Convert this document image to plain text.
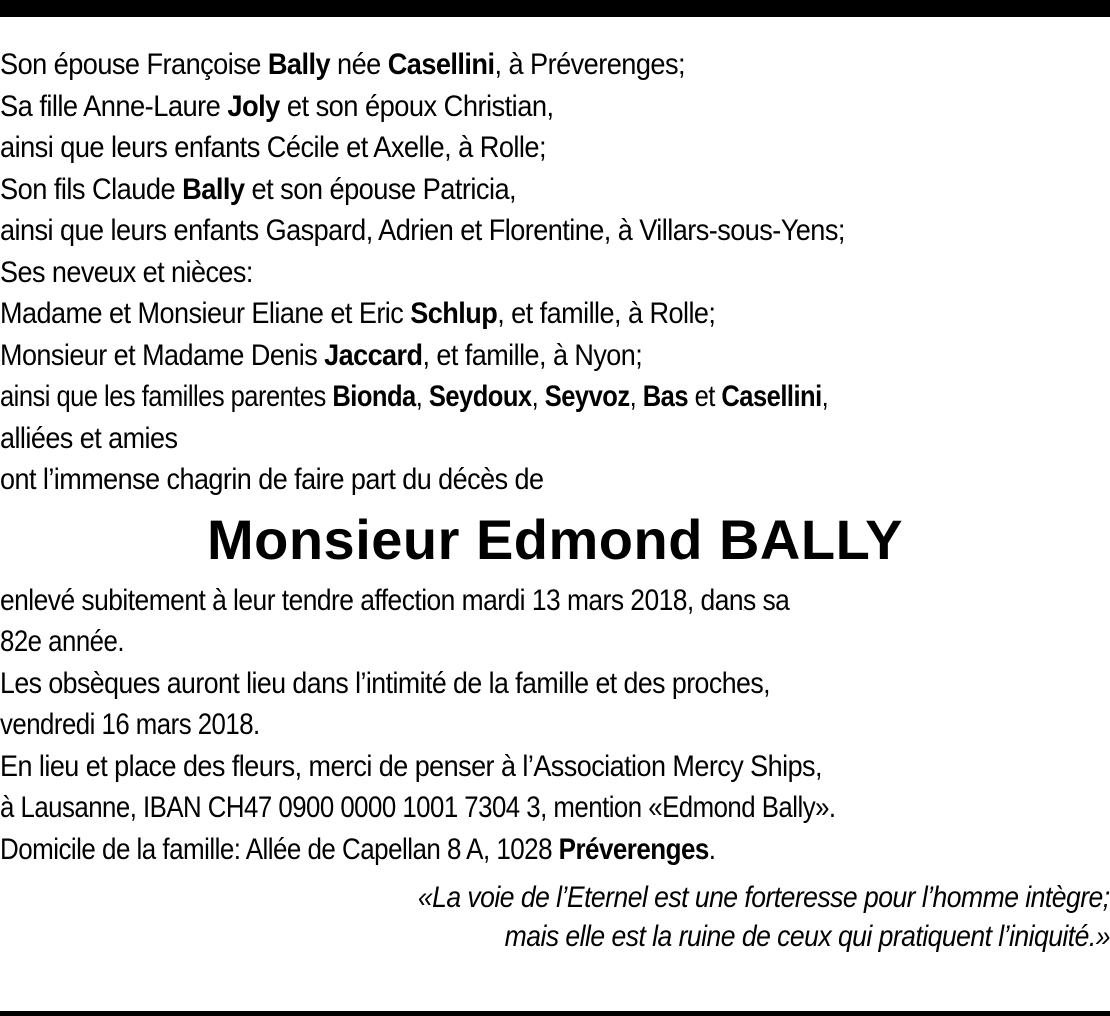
Son épouse Françoise Bally née Casellini, à Préverenges;
Sa fille Anne-Laure Joly et son époux Christian,
ainsi que leurs enfants Cécile et Axelle, à Rolle;
Son fils Claude Bally et son épouse Patricia,
ainsi que leurs enfants Gaspard, Adrien et Florentine, à Villars-sous-Yens;
Ses neveux et nièces:
Madame et Monsieur Eliane et Eric Schlup, et famille, à Rolle;
Monsieur et Madame Denis Jaccard, et famille, à Nyon;
ainsi que les familles parentes Bionda, Seydoux, Seyvoz, Bas et Casellini,
alliées et amies
ont l’immense chagrin de faire part du décès de
Monsieur Edmond BALLY
enlevé subitement à leur tendre affection mardi 13 mars 2018, dans sa
82e année.
Les obsèques auront lieu dans l’intimité de la famille et des proches,
vendredi 16 mars 2018.
En lieu et place des fleurs, merci de penser à l’Association Mercy Ships,
à Lausanne, IBAN CH47 0900 0000 1001 7304 3, mention «Edmond Bally».
Domicile de la famille: Allée de Capellan 8 A, 1028 Préverenges.
«La voie de l’Eternel est une forteresse pour l’homme intègre;
mais elle est la ruine de ceux qui pratiquent l’iniquité.»
